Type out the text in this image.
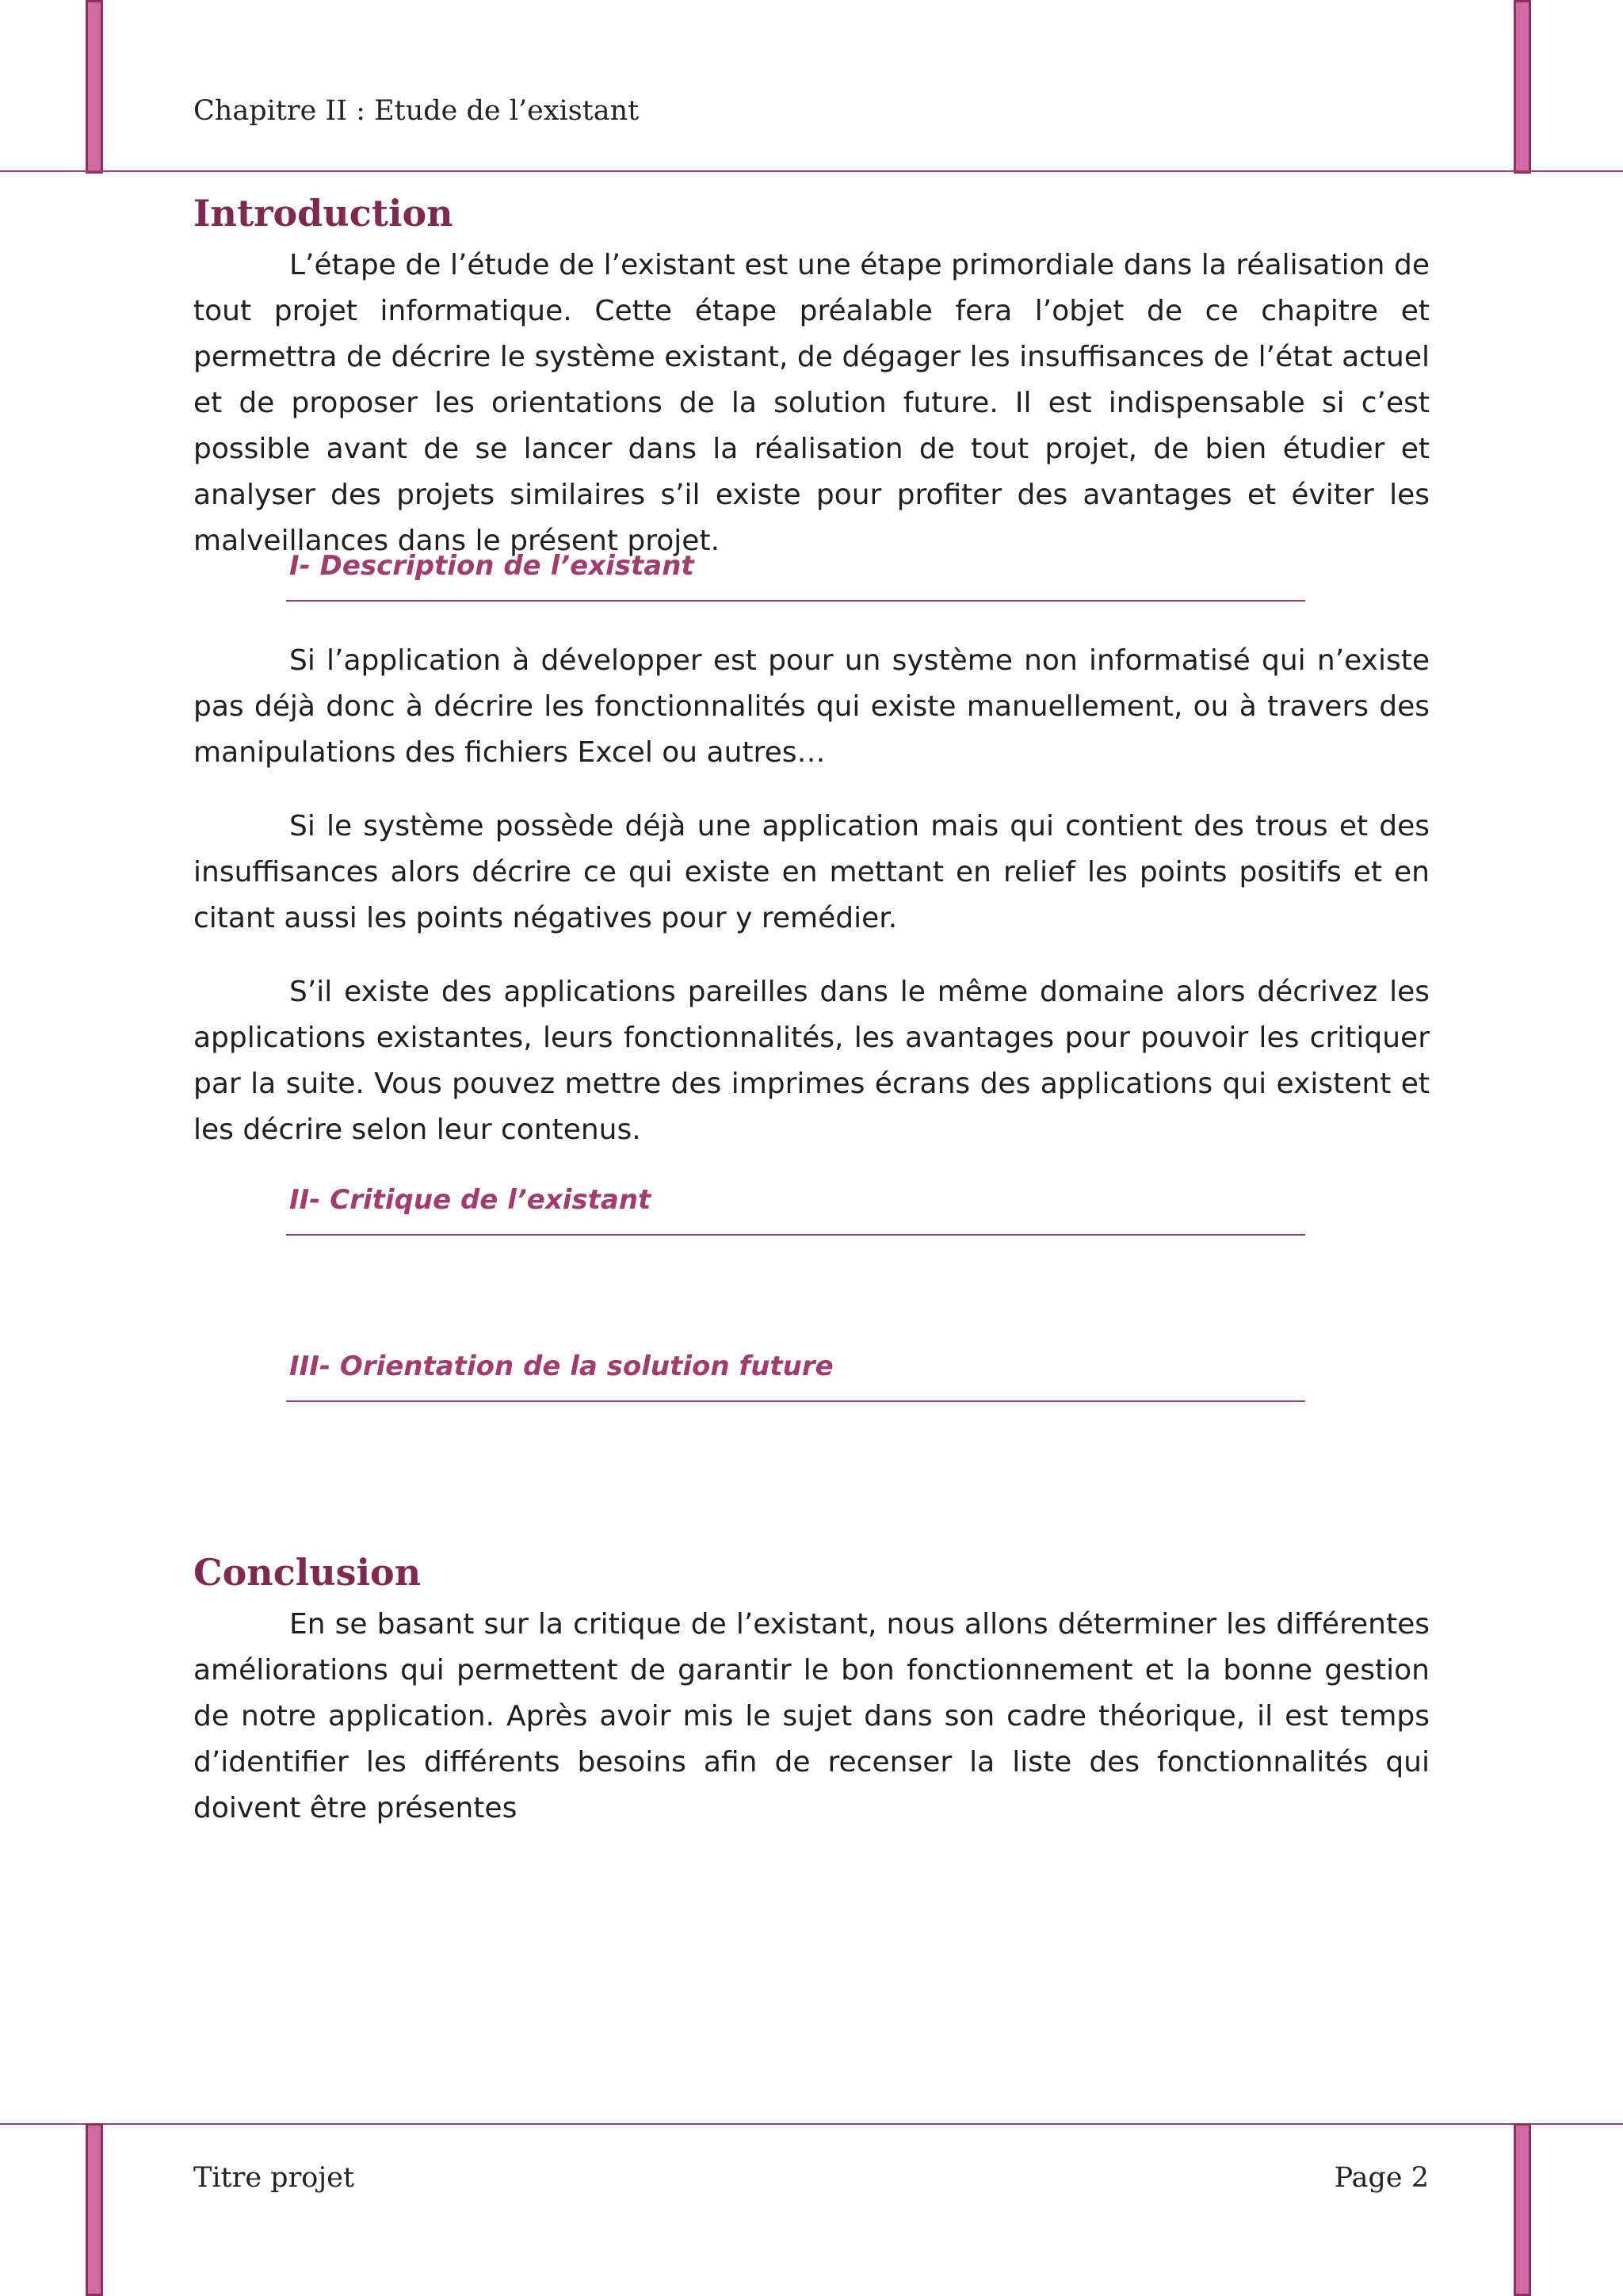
Chapitre II : Etude de l’existant
Introduction

L’étape de l’étude de l’existant est une étape primordiale dans la réalisation de tout projet informatique. Cette étape préalable fera l’objet de ce chapitre et permettra de décrire le système existant, de dégager les insuffisances de l’état actuel et de proposer les orientations de la solution future. Il est indispensable si c’est possible avant de se lancer dans la réalisation de tout projet, de bien étudier et analyser des projets similaires s’il existe pour profiter des avantages et éviter les malveillances dans le présent projet.

I- Description de l’existant

Si l’application à développer est pour un système non informatisé qui n’existe pas déjà donc à décrire les fonctionnalités qui existe manuellement, ou à travers des manipulations des fichiers Excel ou autres…

Si le système possède déjà une application mais qui contient des trous et des insuffisances alors décrire ce qui existe en mettant en relief les points positifs et en citant aussi les points négatives pour y remédier.

S’il existe des applications pareilles dans le même domaine alors décrivez les applications existantes, leurs fonctionnalités, les avantages pour pouvoir les critiquer par la suite. Vous pouvez mettre des imprimes écrans des applications qui existent et les décrire selon leur contenus.

II- Critique de l’existant
III- Orientation de la solution future
Conclusion

En se basant sur la critique de l’existant, nous allons déterminer les différentes améliorations qui permettent de garantir le bon fonctionnement et la bonne gestion de notre application. Après avoir mis le sujet dans son cadre théorique, il est temps d’identifier les différents besoins afin de recenser la liste des fonctionnalités qui doivent être présentes

Titre projet	Page 2
